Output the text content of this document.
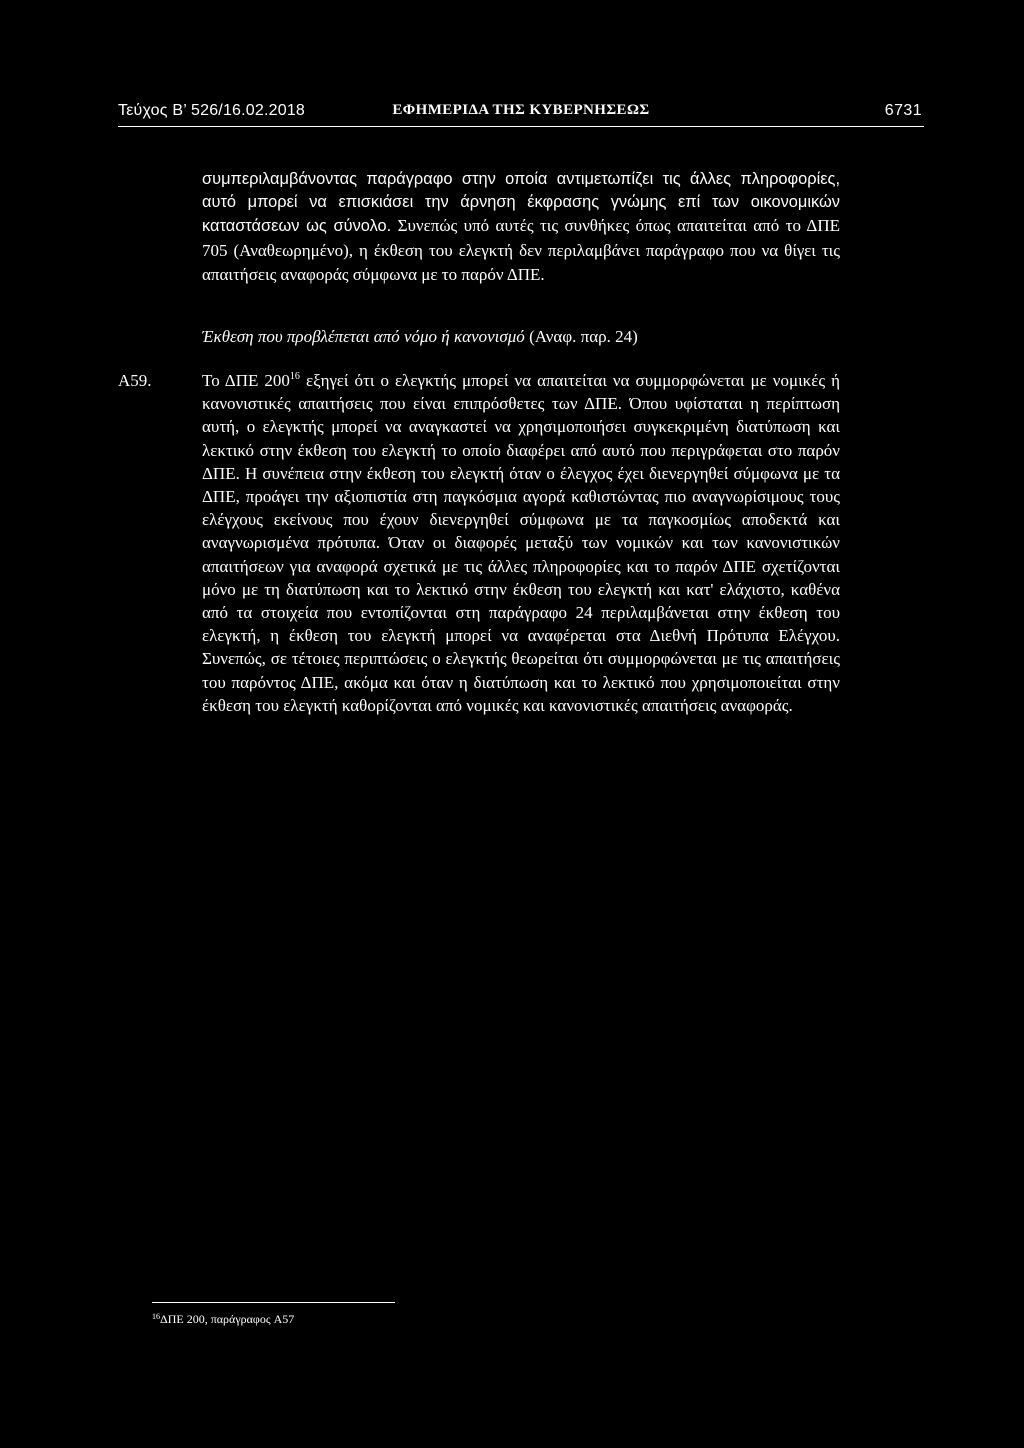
Τεύχος B’ 526/16.02.2018	ΕΦΗΜΕΡΙΔΑ ΤΗΣ ΚΥΒΕΡΝΗΣΕΩΣ	6731
συμπεριλαμβάνοντας παράγραφο στην οποία αντιμετωπίζει τις άλλες πληροφορίες, αυτό μπορεί να επισκιάσει την άρνηση έκφρασης γνώμης επί των οικονομικών καταστάσεων ως σύνολο. Συνεπώς υπό αυτές τις συνθήκες όπως απαιτείται από το ΔΠΕ 705 (Αναθεωρημένο), η έκθεση του ελεγκτή δεν περιλαμβάνει παράγραφο που να θίγει τις απαιτήσεις αναφοράς σύμφωνα με το παρόν ΔΠΕ.
Έκθεση που προβλέπεται από νόμο ή κανονισμό (Αναφ. παρ. 24)
A59.	Το ΔΠΕ $200^{16}$ εξηγεί ότι ο ελεγκτής μπορεί να απαιτείται να συμμορφώνεται με νομικές ή κανονιστικές απαιτήσεις που είναι επιπρόσθετες των ΔΠΕ. Όπου υφίσταται η περίπτωση αυτή, ο ελεγκτής μπορεί να αναγκαστεί να χρησιμοποιήσει συγκεκριμένη διατύπωση και λεκτικό στην έκθεση του ελεγκτή το οποίο διαφέρει από αυτό που περιγράφεται στο παρόν ΔΠΕ. Η συνέπεια στην έκθεση του ελεγκτή όταν ο έλεγχος έχει διενεργηθεί σύμφωνα με τα ΔΠΕ, προάγει την αξιοπιστία στη παγκόσμια αγορά καθιστώντας πιο αναγνωρίσιμους τους ελέγχους εκείνους που έχουν διενεργηθεί σύμφωνα με τα παγκοσμίως αποδεκτά και αναγνωρισμένα πρότυπα. Όταν οι διαφορές μεταξύ των νομικών και των κανονιστικών απαιτήσεων για αναφορά σχετικά με τις άλλες πληροφορίες και το παρόν ΔΠΕ σχετίζονται μόνο με τη διατύπωση και το λεκτικό στην έκθεση του ελεγκτή και κατ' ελάχιστο, καθένα από τα στοιχεία που εντοπίζονται στη παράγραφο 24 περιλαμβάνεται στην έκθεση του ελεγκτή, η έκθεση του ελεγκτή μπορεί να αναφέρεται στα Διεθνή Πρότυπα Ελέγχου. Συνεπώς, σε τέτοιες περιπτώσεις ο ελεγκτής θεωρείται ότι συμμορφώνεται με τις απαιτήσεις του παρόντος ΔΠΕ, ακόμα και όταν η διατύπωση και το λεκτικό που χρησιμοποιείται στην έκθεση του ελεγκτή καθορίζονται από νομικές και κανονιστικές απαιτήσεις αναφοράς.
$^{16}$ΔΠΕ 200, παράγραφος A57
